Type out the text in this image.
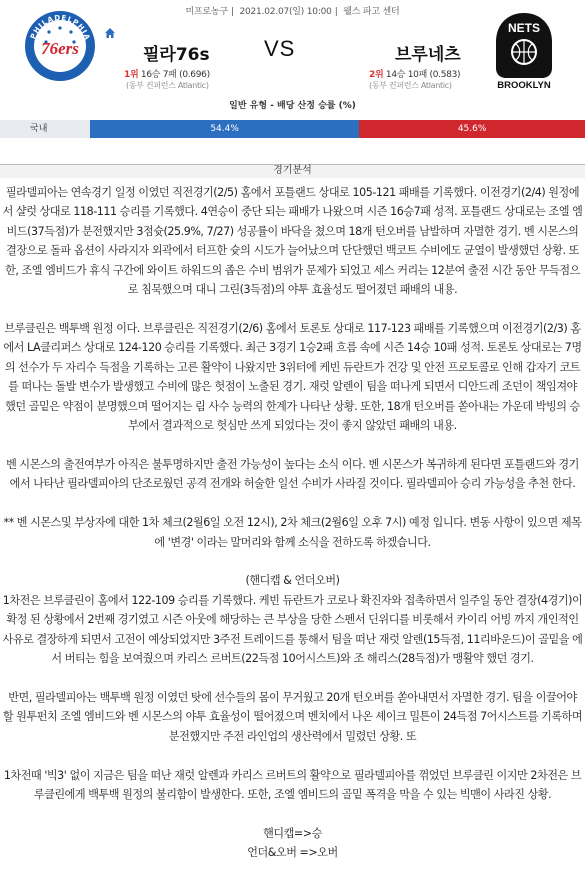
미프로농구 | 2021.02.07(일) 10:00 | 웰스 파고 센터
76ers
PHILADELPHIA
필라76s VS	브루네츠
1위 16승 7패 (0.696)
(동부 컨퍼런스 Atlantic)
2위 14승 10패 (0.583)
(동부 컨퍼런스 Atlantic)
NETS
BROOKLYN
일반 유형 - 배당 산정 승률 (%)
국내	54.4%	45.6%
경기분석

필라델피아는 연속경기 일정 이였던 직전경기(2/5) 홈에서 포틀랜드 상대로 105-121 패배를 기록했다. 이전경기(2/4) 원정에서 샬럿 상대로 118-111 승리를 기록했다. 4연승이 중단 되는 패배가 나왔으며 시즌 16승7패 성적. 포틀랜드 상대로는 조엘 엠비드(37득점)가 분전했지만 3점슛(25.9%, 7/27) 성공률이 바닥을 쳤으며 18개 턴오버를 남발하며 자멸한 경기. 벤 시몬스의 결장으로 돌파 옵션이 사라지자 외곽에서 터프한 슛의 시도가 늘어났으며 단단했던 백코트 수비에도 균열이 발생했던 상황. 또한, 조엘 엠비드가 휴식 구간에 와이트 하워드의 좁은 수비 범위가 문제가 되었고 세스 커리는 12분여 출전 시간 동안 무득점으로 침묵했으며 대니 그린(3득점)의 야투 효율성도 떨어졌던 패배의 내용.

브루클린은 백투백 원정 이다. 브루클린은 직전경기(2/6) 홈에서 토론토 상대로 117-123 패배를 기록했으며 이전경기(2/3) 홈에서 LA클리퍼스 상대로 124-120 승리를 기록했다. 최근 3경기 1승2패 흐름 속에 시즌 14승 10패 성적. 토론토 상대로는 7명의 선수가 두 자리수 득점을 기록하는 고른 활약이 나왔지만 3위터에 케빈 듀란트가 건강 및 안전 프로토콜로 인해 갑자기 코트를 떠나는 돌발 변수가 발생했고 수비에 많은 헛점이 노출된 경기. 재럿 알렌이 팀을 떠나게 되면서 디안드레 조던이 책임져야 했던 골밑은 약점이 분명했으며 떨어지는 림 사수 능력의 한계가 나타난 상황. 또한, 18개 턴오버를 쏟아내는 가운데 박빙의 승부에서 결과적으로 헛심만 쓰게 되었다는 것이 좋지 않았던 패배의 내용.

벤 시몬스의 출전여부가 아직은 불투명하지만 출전 가능성이 높다는 소식 이다. 벤 시몬스가 복귀하게 된다면 포틀랜드와 경기에서 나타난 필라델피아의 단조로웠던 공격 전개와 허술한 일선 수비가 사라질 것이다. 필라델피아 승리 가능성을 추천 한다.

** 벤 시몬스및 부상자에 대한 1차 체크(2월6일 오전 12시), 2차 체크(2월6일 오후 7시) 예정 입니다. 변동 사항이 있으면 제목에 '변경' 이라는 말머리와 함께 소식을 전하도록 하겠습니다.

(핸디캡 & 언더오버)
1차전은 브루클린이 홈에서 122-109 승리를 기록했다. 케빈 듀란트가 코로나 확진자와 접촉하면서 일주일 동안 결장(4경기)이 확정 된 상황에서 2번째 경기였고 시즌 아웃에 해당하는 큰 부상을 당한 스펜서 딘위디를 비롯해서 카이리 어빙 까지 개인적인 사유로 결장하게 되면서 고전이 예상되었지만 3주전 트레이드를 통해서 팀을 떠난 재럿 알렌(15득점, 11리바운드)이 골밑을 에서 버티는 힘을 보여줬으며 카리스 르버트(22득점 10어시스트)와 조 해리스(28득점)가 맹활약 했던 경기.

반면, 필라델피아는 백투백 원정 이였던 탓에 선수들의 몸이 무거웠고 20개 턴오버를 쏟아내면서 자멸한 경기. 팀을 이끌어야 할 원투펀치 조엘 엠비드와 벤 시몬스의 야투 효율성이 떨어졌으며 벤치에서 나온 셰이크 밀튼이 24득점 7어시스트를 기록하며 분전했지만 주전 라인업의 생산력에서 밀렸던 상황. 또

1차전때 '빅3' 없이 지금은 팀을 떠난 재럿 알렌과 카리스 르버트의 활약으로 필라델피아를 꺾었던 브루클린 이지만 2차전은 브루클린에게 백투백 원정의 불리함이 발생한다. 또한, 조엘 엠비드의 골밑 폭격을 막을 수 있는 빅맨이 사라진 상황.

핸디캡=>승
언더&오버 =>오버
